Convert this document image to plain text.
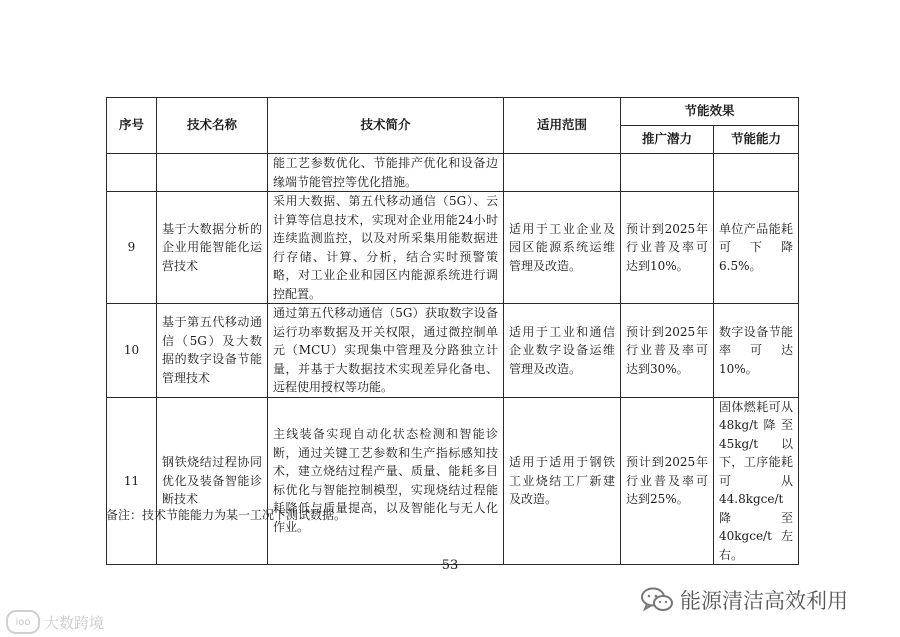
序号	技术名称	技术简介	适用范围	节能效果	
				推广潜力	节能能力
		能工艺参数优化、节能排产优化和设备边缘端节能管控等优化措施。			
9	基于大数据分析的企业用能智能化运营技术	采用大数据、第五代移动通信（5G）、云计算等信息技术，实现对企业用能24小时连续监测监控，以及对所采集用能数据进行存储、计算、分析，结合实时预警策略，对工业企业和园区内能源系统进行调控配置。	适用于工业企业及园区能源系统运维管理及改造。	预计到2025年行业普及率可达到10%。	单位产品能耗可下降6.5%。
10	基于第五代移动通信（5G）及大数据的数字设备节能管理技术	通过第五代移动通信（5G）获取数字设备运行功率数据及开关权限，通过微控制单元（MCU）实现集中管理及分路独立计量，并基于大数据技术实现差异化备电、远程使用授权等功能。	适用于工业和通信企业数字设备运维管理及改造。	预计到2025年行业普及率可达到30%。	数字设备节能率可达10%。
11	钢铁烧结过程协同优化及装备智能诊断技术	主线装备实现自动化状态检测和智能诊断，通过关键工艺参数和生产指标感知技术，建立烧结过程产量、质量、能耗多目标优化与智能控制模型，实现烧结过程能耗降低与质量提高，以及智能化与无人化作业。	适用于适用于钢铁工业烧结工厂新建及改造。	预计到2025年行业普及率可达到25%。	固体燃耗可从48kg/t降至45kg/t以下，工序能耗可从44.8kgce/t降至40kgce/t左右。
备注：技术节能能力为某一工况下测试数据。
53
能源清洁高效利用
ioo 大数跨境
